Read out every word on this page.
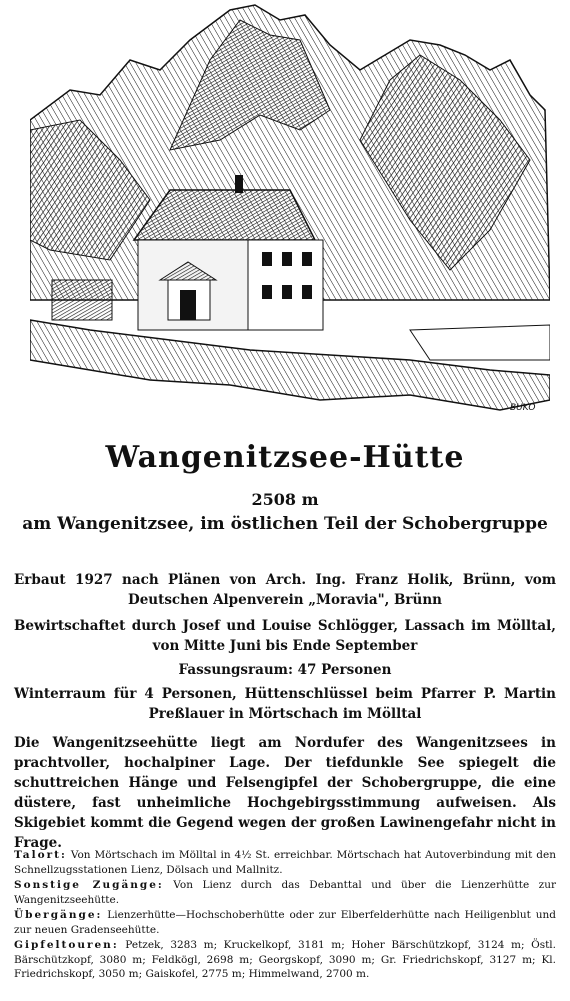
BUKO
Wangenitzsee-Hütte
2508 m
am Wangenitzsee, im östlichen Teil der Schobergruppe
Erbaut 1927 nach Plänen von Arch. Ing. Franz Holik, Brünn, vom Deutschen Alpenverein „Moravia", Brünn
Bewirtschaftet durch Josef und Louise Schlögger, Lassach im Mölltal, von Mitte Juni bis Ende September
Fassungsraum: 47 Personen
Winterraum für 4 Personen, Hüttenschlüssel beim Pfarrer P. Martin Preßlauer in Mörtschach im Mölltal
Die Wangenitzseehütte liegt am Nordufer des Wangenitzsees in prachtvoller, hochalpiner Lage. Der tiefdunkle See spiegelt die schuttreichen Hänge und Felsengipfel der Schobergruppe, die eine düstere, fast unheimliche Hochgebirgsstimmung aufweisen. Als Skigebiet kommt die Gegend wegen der großen Lawinengefahr nicht in Frage.

Talort: Von Mörtschach im Mölltal in 4½ St. erreichbar. Mörtschach hat Autoverbindung mit den Schnellzugsstationen Lienz, Dölsach und Mallnitz.

Sonstige Zugänge: Von Lienz durch das Debanttal und über die Lienzerhütte zur Wangenitzseehütte.

Übergänge: Lienzerhütte—Hochschoberhütte oder zur Elberfelderhütte nach Heiligenblut und zur neuen Gradenseehütte.

Gipfeltouren: Petzek, 3283 m; Kruckelkopf, 3181 m; Hoher Bärschützkopf, 3124 m; Östl. Bärschützkopf, 3080 m; Feldkögl, 2698 m; Georgskopf, 3090 m; Gr. Friedrichskopf, 3127 m; Kl. Friedrichskopf, 3050 m; Gaiskofel, 2775 m; Himmelwand, 2700 m.
